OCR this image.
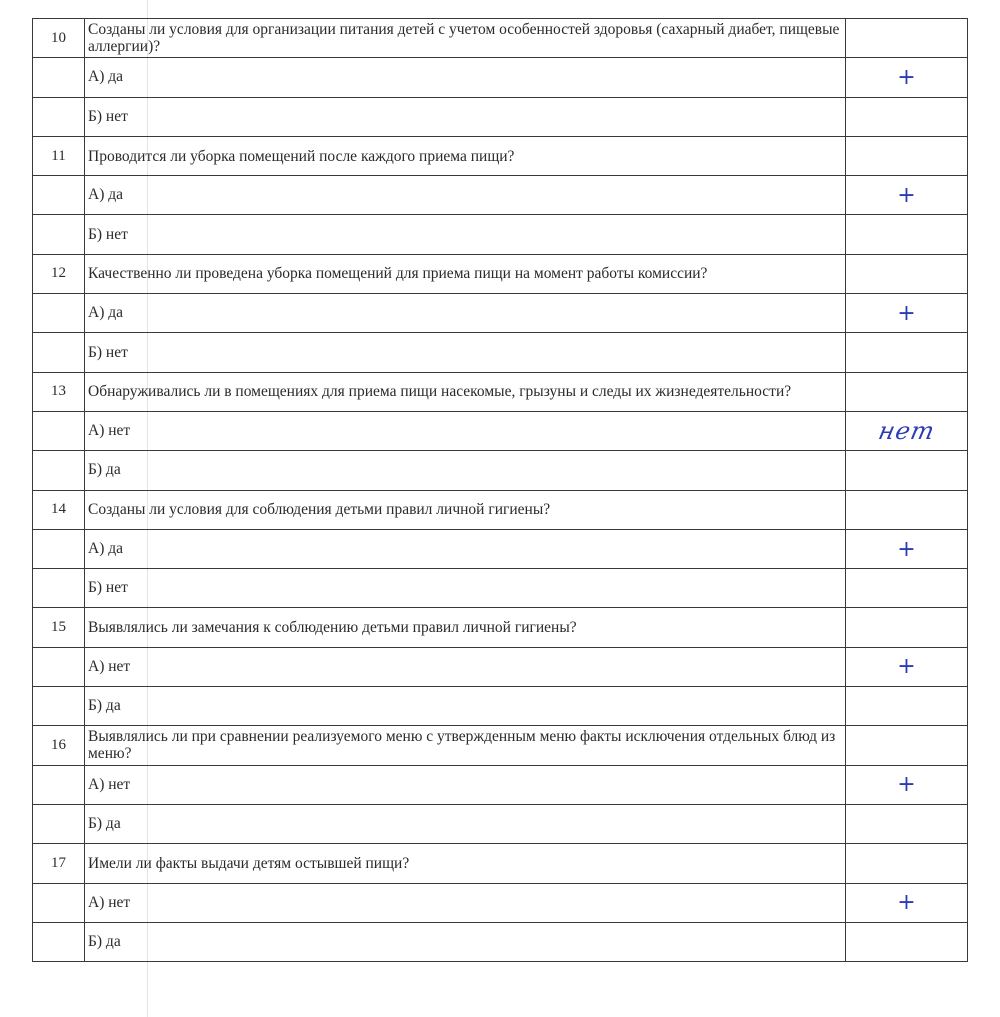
10	Созданы ли условия для организации питания детей с учетом особенностей здоровья (сахарный диабет, пищевые аллергии)?	
	А) да	+
	Б) нет	
11	Проводится ли уборка помещений после каждого приема пищи?	
	А) да	+
	Б) нет	
12	Качественно ли проведена уборка помещений для приема пищи на момент работы комиссии?	
	А) да	+
	Б) нет	
13	Обнаруживались ли в помещениях для приема пищи насекомые, грызуны и следы их жизнедеятельности?	
	А) нет	нет
	Б) да	
14	Созданы ли условия для соблюдения детьми правил личной гигиены?	
	А) да	+
	Б) нет	
15	Выявлялись ли замечания к соблюдению детьми правил личной гигиены?	
	А) нет	+
	Б) да	
16	Выявлялись ли при сравнении реализуемого меню с утвержденным меню факты исключения отдельных блюд из меню?	
	А) нет	+
	Б) да	
17	Имели ли факты выдачи детям остывшей пищи?	
	А) нет	+
	Б) да	
